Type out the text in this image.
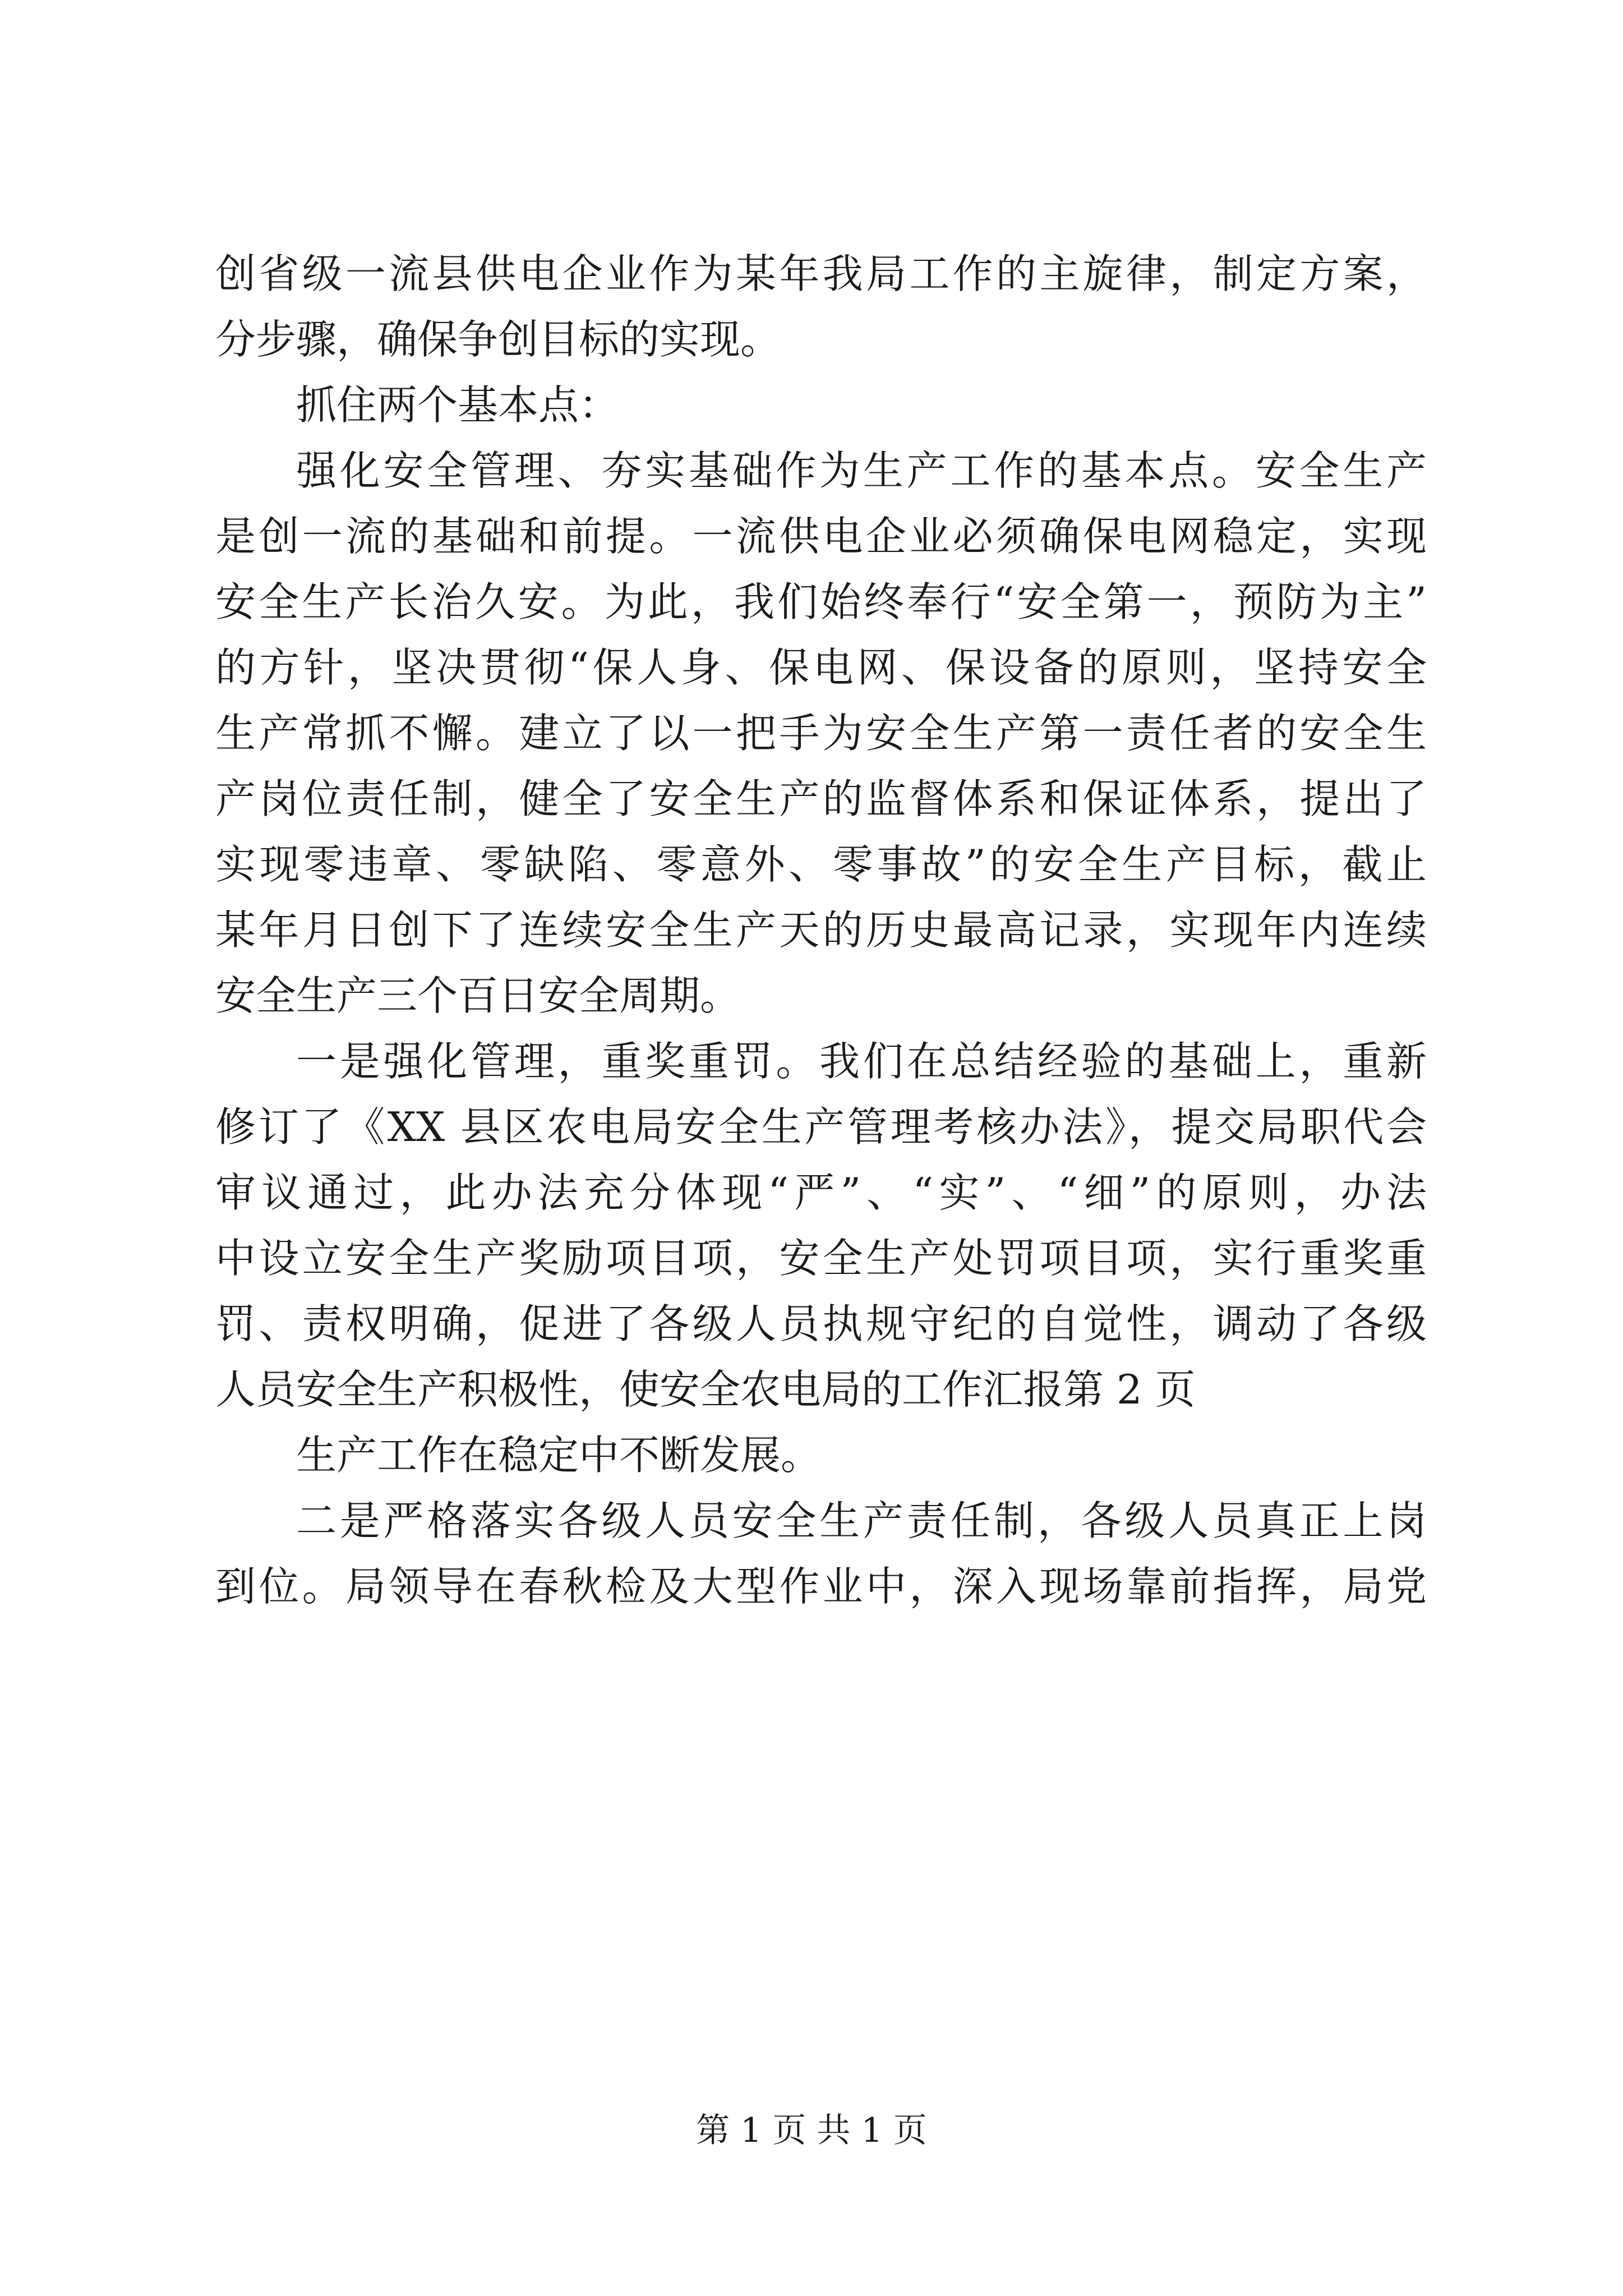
创省级一流县供电企业作为某年我局工作的主旋律，制定方案，
分步骤，确保争创目标的实现。
抓住两个基本点：
强化安全管理、夯实基础作为生产工作的基本点。安全生产
是创一流的基础和前提。一流供电企业必须确保电网稳定，实现
安全生产长治久安。为此，我们始终奉行“安全第一，预防为主”
的方针，坚决贯彻“保人身、保电网、保设备的原则，坚持安全
生产常抓不懈。建立了以一把手为安全生产第一责任者的安全生
产岗位责任制，健全了安全生产的监督体系和保证体系，提出了
实现零违章、零缺陷、零意外、零事故”的安全生产目标，截止
某年月日创下了连续安全生产天的历史最高记录，实现年内连续
安全生产三个百日安全周期。
一是强化管理，重奖重罚。我们在总结经验的基础上，重新
修订了《XX 县区农电局安全生产管理考核办法》，提交局职代会
审议通过，此办法充分体现“严”、“实”、“细”的原则，办法
中设立安全生产奖励项目项，安全生产处罚项目项，实行重奖重
罚、责权明确，促进了各级人员执规守纪的自觉性，调动了各级
人员安全生产积极性，使安全农电局的工作汇报第 2 页
生产工作在稳定中不断发展。
二是严格落实各级人员安全生产责任制，各级人员真正上岗
到位。局领导在春秋检及大型作业中，深入现场靠前指挥，局党
第 1 页 共 1 页
